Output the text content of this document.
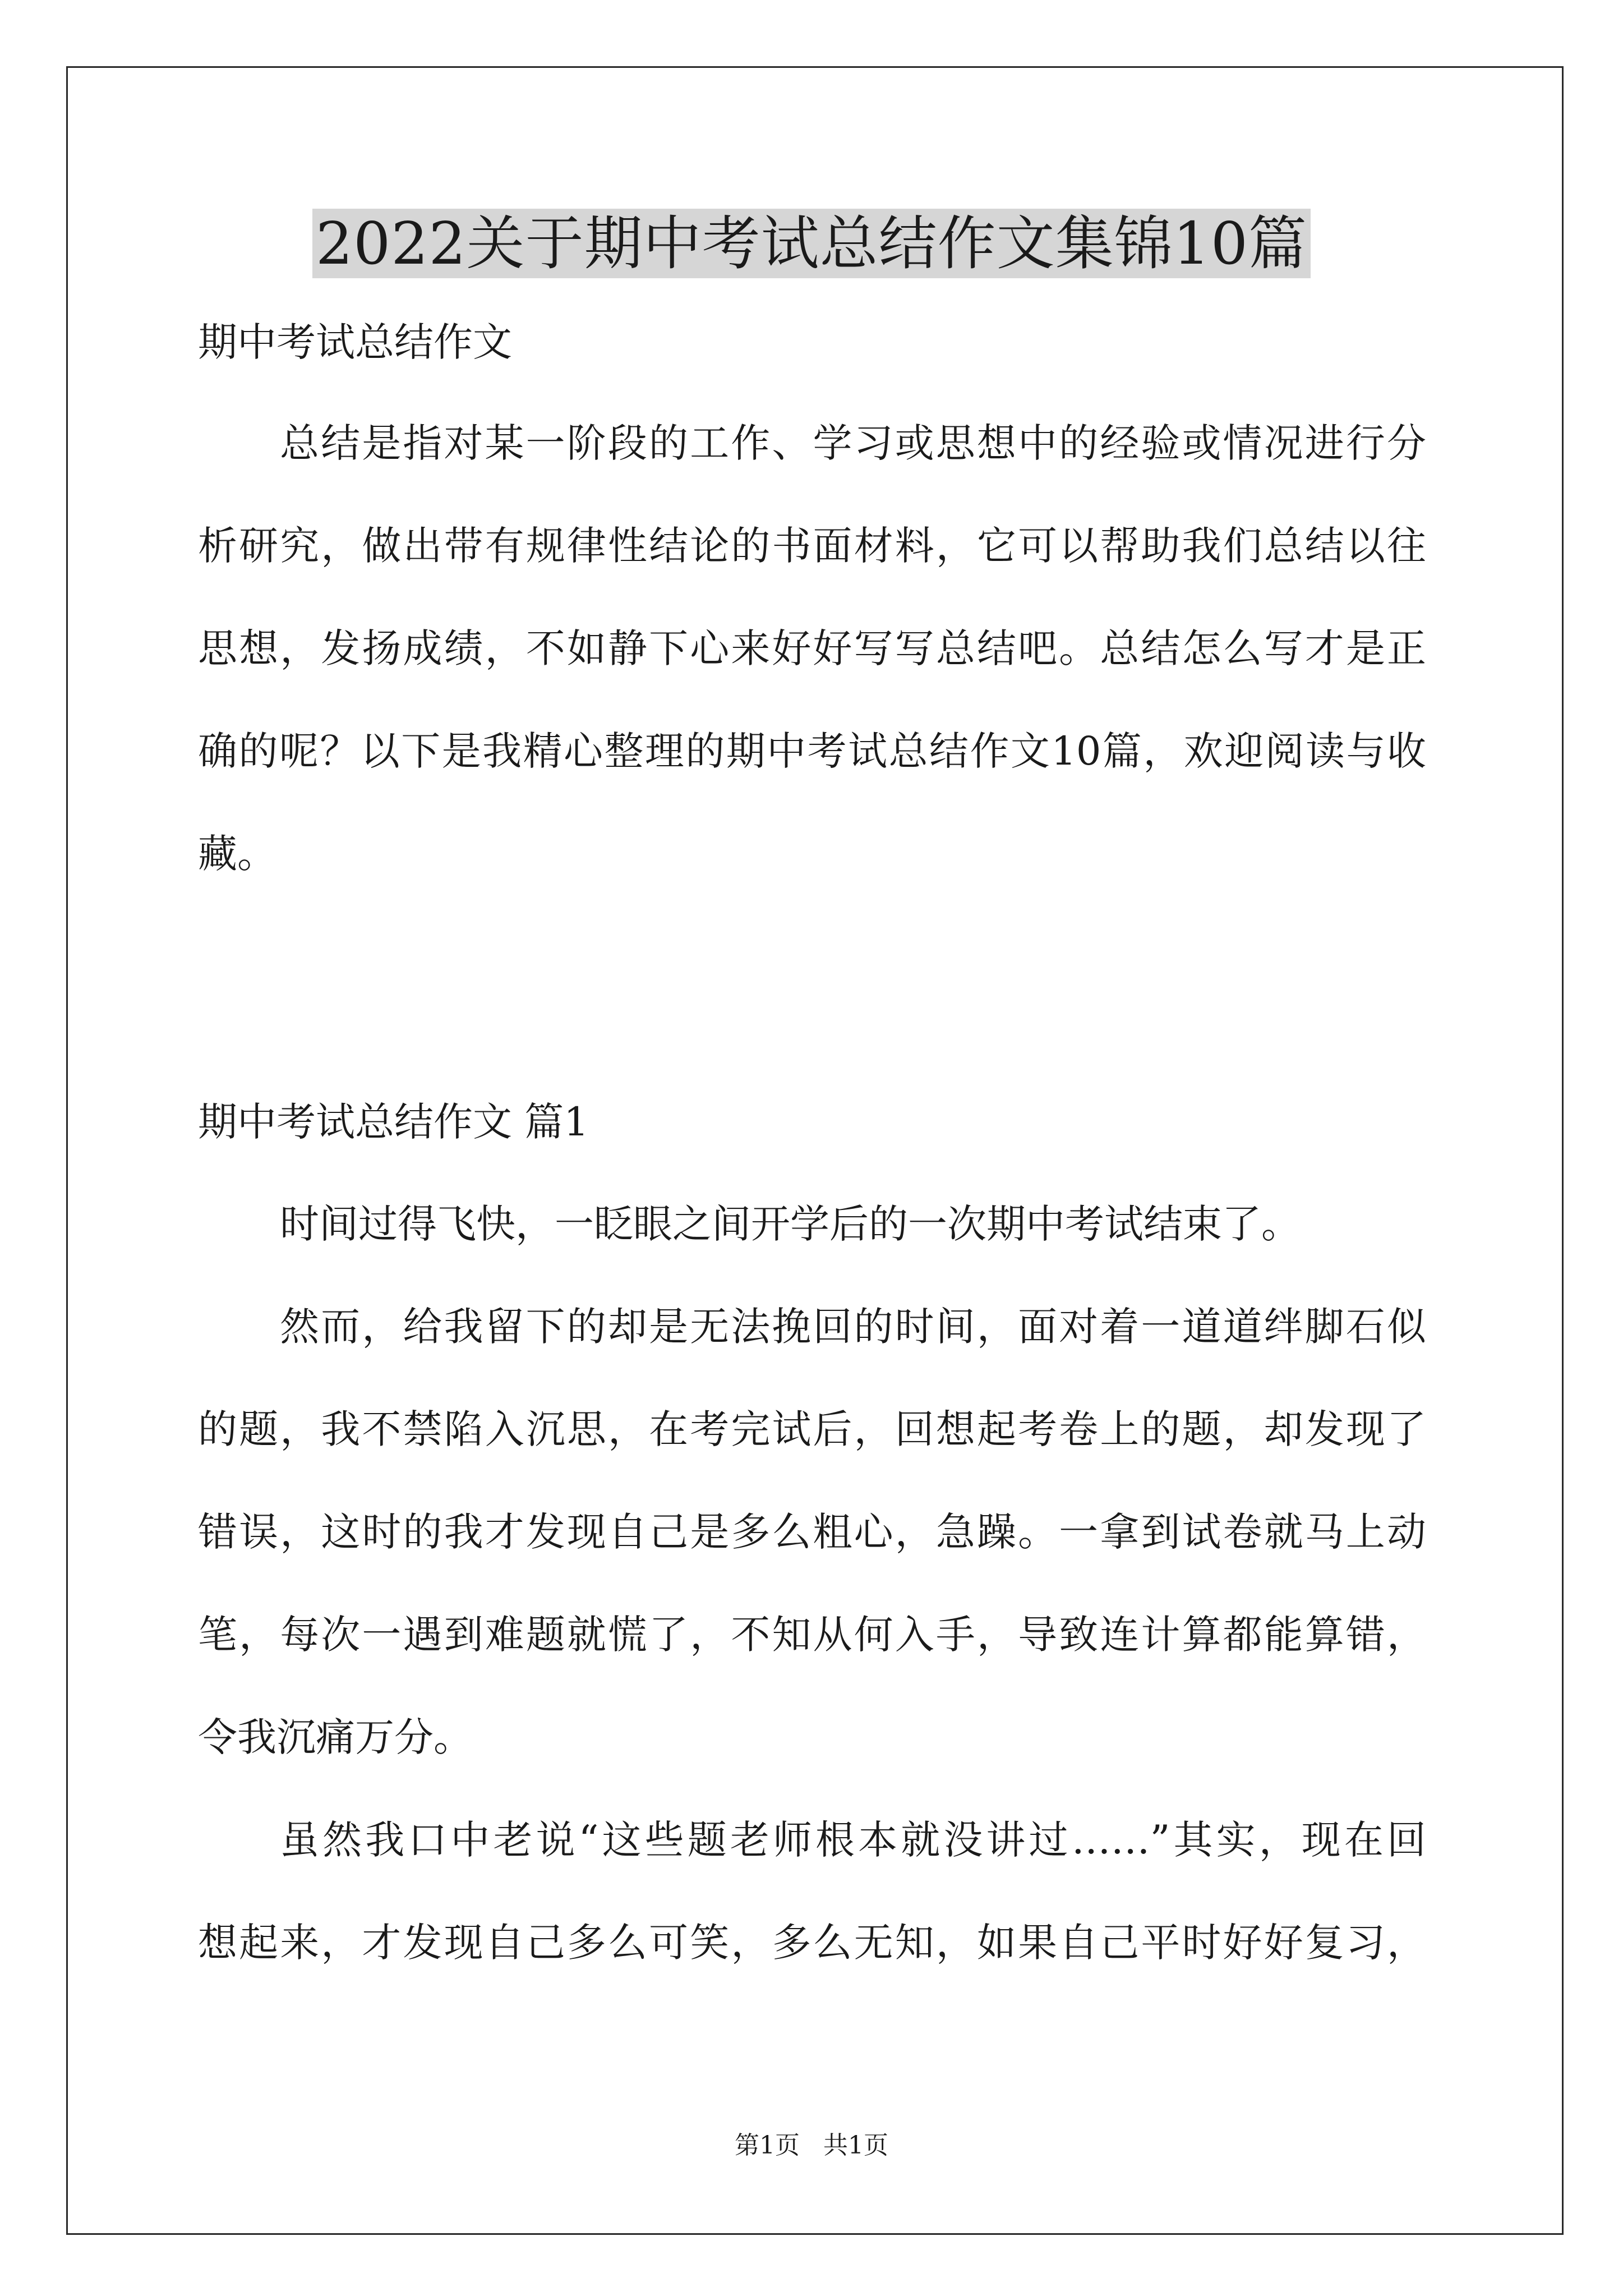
2022关于期中考试总结作文集锦10篇
期中考试总结作文
总结是指对某一阶段的工作、学习或思想中的经验或情况进行分
析研究，做出带有规律性结论的书面材料，它可以帮助我们总结以往
思想，发扬成绩，不如静下心来好好写写总结吧。总结怎么写才是正
确的呢？以下是我精心整理的期中考试总结作文10篇，欢迎阅读与收
藏。
期中考试总结作文 篇1
时间过得飞快，一眨眼之间开学后的一次期中考试结束了。
然而，给我留下的却是无法挽回的时间，面对着一道道绊脚石似
的题，我不禁陷入沉思，在考完试后，回想起考卷上的题，却发现了
错误，这时的我才发现自己是多么粗心，急躁。一拿到试卷就马上动
笔，每次一遇到难题就慌了，不知从何入手，导致连计算都能算错，
令我沉痛万分。
虽然我口中老说“这些题老师根本就没讲过……”其实，现在回
想起来，才发现自己多么可笑，多么无知，如果自己平时好好复习，
第1页   共1页
